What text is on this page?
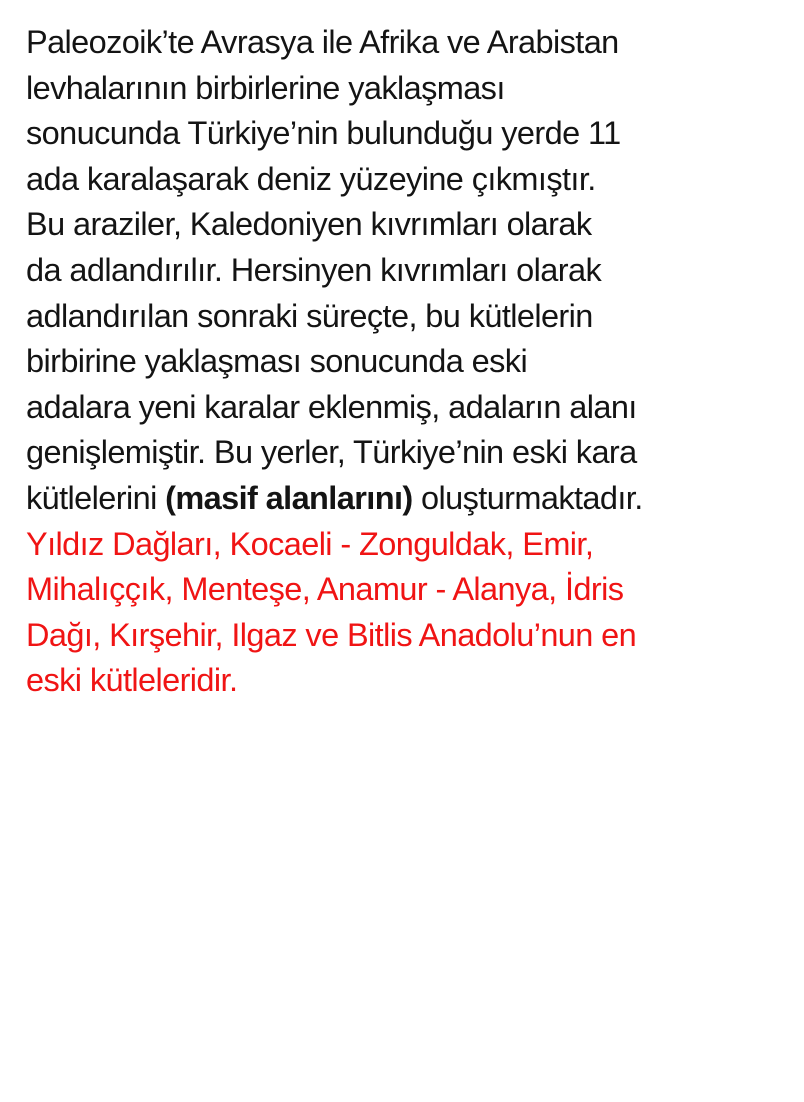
Paleozoik’te Avrasya ile Afrika ve Arabistan
levhalarının birbirlerine yaklaşması
sonucunda Türkiye’nin bulunduğu yerde 11
ada karalaşarak deniz yüzeyine çıkmıştır.
Bu araziler, Kaledoniyen kıvrımları olarak
da adlandırılır. Hersinyen kıvrımları olarak
adlandırılan sonraki süreçte, bu kütlelerin
birbirine yaklaşması sonucunda eski
adalara yeni karalar eklenmiş, adaların alanı
genişlemiştir. Bu yerler, Türkiye’nin eski kara
kütlelerini (masif alanlarını) oluşturmaktadır.
Yıldız Dağları, Kocaeli - Zonguldak, Emir,
Mihalıççık, Menteşe, Anamur - Alanya, İdris
Dağı, Kırşehir, Ilgaz ve Bitlis Anadolu’nun en
eski kütleleridir.
